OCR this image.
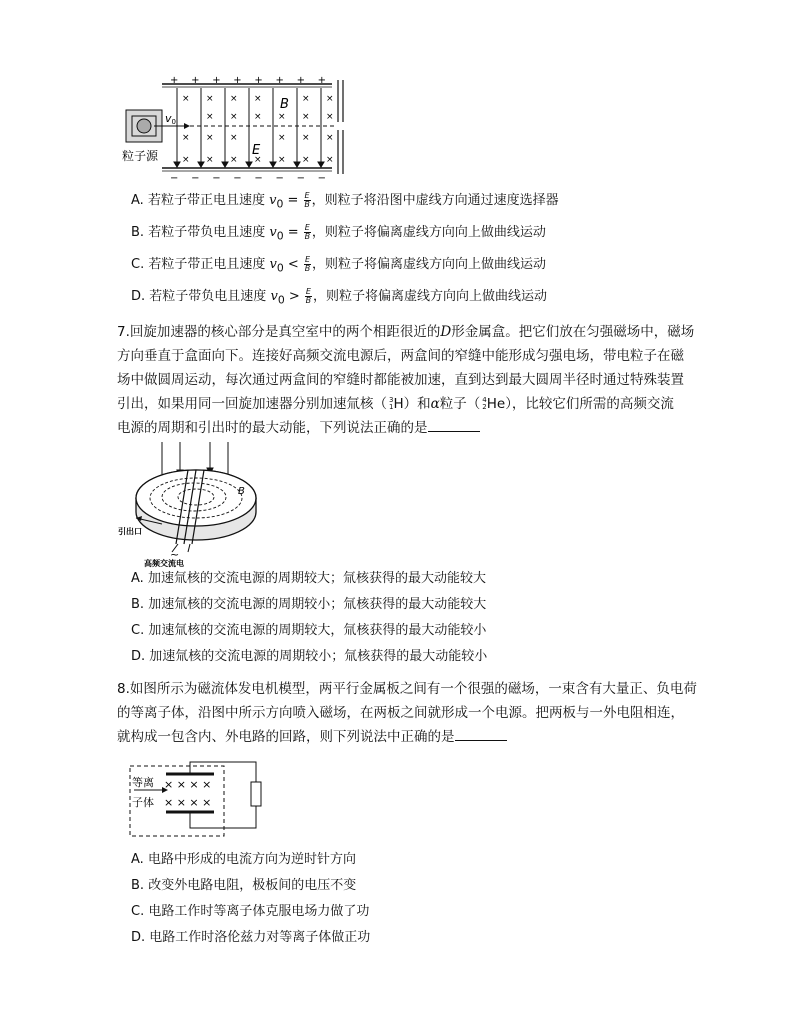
+    +    +    +    +    +    +    +
−    −    −    −    −    −    −    −
× × × ×	× × × × × × × × × × ×	× × × × × × × × × ×
B
E
v0
粒子源
A. 若粒子带正电且速度 $v_0 = \frac{E}{B}$ ，则粒子将沿图中虚线方向通过速度选择器
B. 若粒子带负电且速度 $v_0 = \frac{E}{B}$ ，则粒子将偏离虚线方向向上做曲线运动
C. 若粒子带正电且速度 $v_0 < \frac{E}{B}$ ，则粒子将偏离虚线方向向上做曲线运动
D. 若粒子带负电且速度 $v_0 > \frac{E}{B}$ ，则粒子将偏离虚线方向向上做曲线运动

7.回旋加速器的核心部分是真空室中的两个相距很近的D形金属盒。把它们放在匀强磁场中，磁场

方向垂直于盒面向下。连接好高频交流电源后，两盒间的窄缝中能形成匀强电场，带电粒子在磁

场中做圆周运动，每次通过两盒间的窄缝时都能被加速，直到达到最大圆周半径时通过特殊装置

引出，如果用同一回旋加速器分别加速氚核（ 3
1 H）和α粒子（ 4
2 He），比较它们所需的高频交流

电源的周期和引出时的最大动能，下列说法正确的是

~
B
引出口
高频交流电
A. 加速氚核的交流电源的周期较大；氚核获得的最大动能较大
B. 加速氚核的交流电源的周期较小；氚核获得的最大动能较大
C. 加速氚核的交流电源的周期较大，氚核获得的最大动能较小
D. 加速氚核的交流电源的周期较小；氚核获得的最大动能较小

8.如图所示为磁流体发电机模型，两平行金属板之间有一个很强的磁场，一束含有大量正、负电荷

的等离子体，沿图中所示方向喷入磁场，在两板之间就形成一个电源。把两板与一外电阻相连，

就构成一包含内、外电路的回路，则下列说法中正确的是

等离
子体
× × × ×
× × × ×
A. 电路中形成的电流方向为逆时针方向
B. 改变外电路电阻，极板间的电压不变
C. 电路工作时等离子体克服电场力做了功
D. 电路工作时洛伦兹力对等离子体做正功
